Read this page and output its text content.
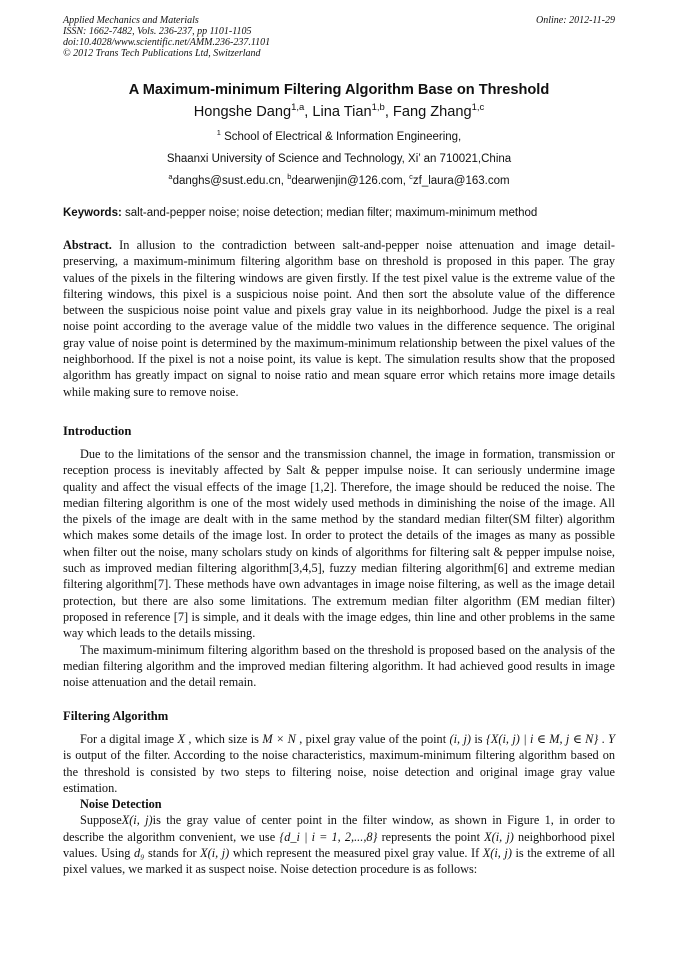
Applied Mechanics and Materials
ISSN: 1662-7482, Vols. 236-237, pp 1101-1105
doi:10.4028/www.scientific.net/AMM.236-237.1101
© 2012 Trans Tech Publications Ltd, Switzerland
Online: 2012-11-29
A Maximum-minimum Filtering Algorithm Base on Threshold
Hongshe Dang$^{1,a}$, Lina Tian$^{1,b}$, Fang Zhang$^{1,c}$
$^1$ School of Electrical & Information Engineering,
Shaanxi University of Science and Technology, Xi’ an 710021,China
$^a$danghs@sust.edu.cn, $^b$dearwenjin@126.com, $^c$zf_laura@163.com
Keywords: salt-and-pepper noise; noise detection; median filter; maximum-minimum method

Abstract. In allusion to the contradiction between salt-and-pepper noise attenuation and image detail-preserving, a maximum-minimum filtering algorithm base on threshold is proposed in this paper. The gray values of the pixels in the filtering windows are given firstly. If the test pixel value is the extreme value of the filtering windows, this pixel is a suspicious noise point. And then sort the absolute value of the difference between the suspicious noise point value and pixels gray value in its neighborhood. Judge the pixel is a real noise point according to the average value of the middle two values in the difference sequence. The original gray value of noise point is determined by the maximum-minimum relationship between the pixel values of the neighborhood. If the pixel is not a noise point, its value is kept. The simulation results show that the proposed algorithm has greatly impact on signal to noise ratio and mean square error which retains more image details while making sure to remove noise.

Introduction

Due to the limitations of the sensor and the transmission channel, the image in formation, transmission or reception process is inevitably affected by Salt & pepper impulse noise. It can seriously undermine image quality and affect the visual effects of the image [1,2]. Therefore, the image should be reduced the noise. The median filtering algorithm is one of the most widely used methods in diminishing the noise of the image. All the pixels of the image are dealt with in the same method by the standard median filter(SM filter) algorithm which makes some details of the image lost. In order to protect the details of the images as many as possible when filter out the noise, many scholars study on kinds of algorithms for filtering salt & pepper impulse noise, such as improved median filtering algorithm[3,4,5], fuzzy median filtering algorithm[6] and extreme median filtering algorithm[7]. These methods have own advantages in image noise filtering, as well as the image detail protection, but there are also some limitations. The extremum median filter algorithm (EM median filter) proposed in reference [7] is simple, and it deals with the image edges, thin line and other problems in the same way which leads to the details missing.

The maximum-minimum filtering algorithm based on the threshold is proposed based on the analysis of the median filtering algorithm and the improved median filtering algorithm. It had achieved good results in image noise attenuation and the detail remain.

Filtering Algorithm

For a digital image X , which size is M × N , pixel gray value of the point (i, j) is {X(i, j) | i ∈ M, j ∈ N} . Y is output of the filter. According to the noise characteristics, maximum-minimum filtering algorithm based on the threshold is consisted by two steps to filtering noise, noise detection and original image gray value estimation.

Noise Detection

SupposeX(i, j)is the gray value of center point in the filter window, as shown in Figure 1, in order to describe the algorithm convenient, we use {d_i | i = 1, 2,...,8} represents the point X(i, j) neighborhood pixel values. Using d₉ stands for X(i, j) which represent the measured pixel gray value. If X(i, j) is the extreme of all pixel values, we marked it as suspect noise. Noise detection procedure is as follows:
